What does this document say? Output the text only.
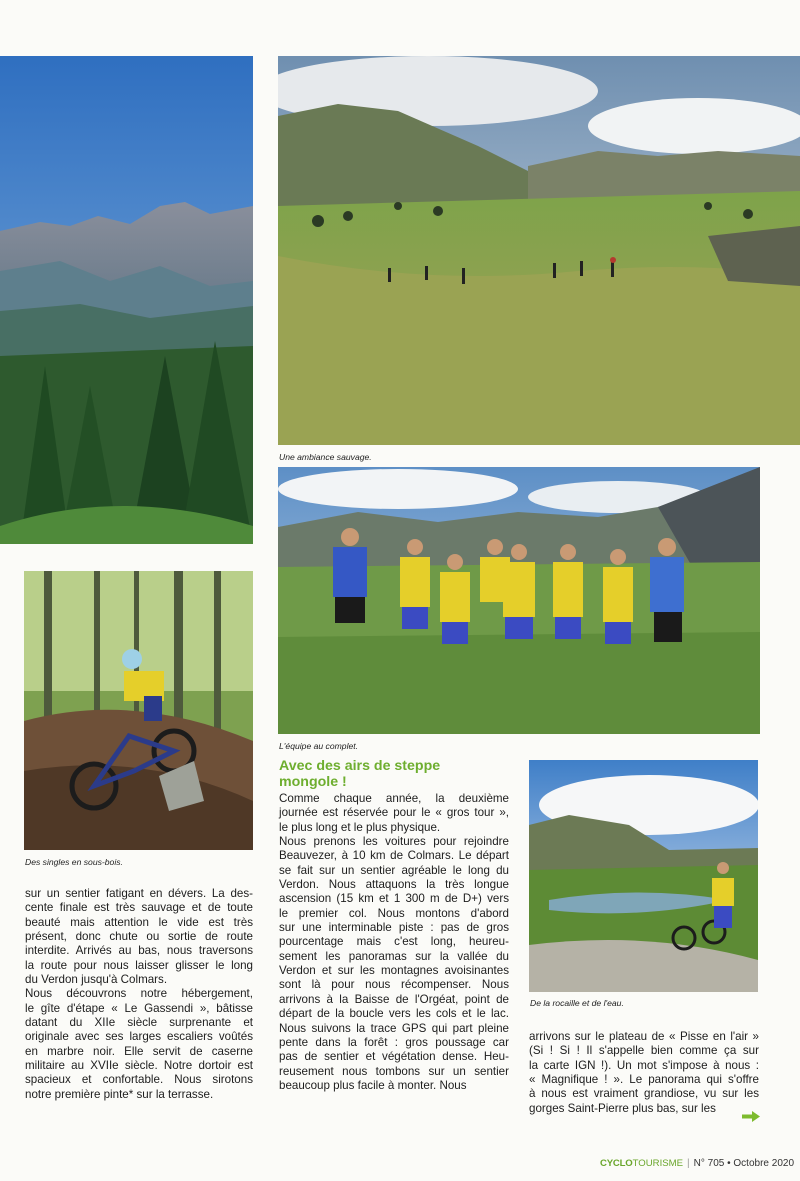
Une ambiance sauvage.
L'équipe au complet.
Des singles en sous-bois.
De la rocaille et de l'eau.
Avec des airs de steppe
mongole !
sur un sentier fatigant en dévers. La des-
cente finale est très sauvage et de toute
beauté mais attention le vide est très
présent, donc chute ou sortie de route
interdite. Arrivés au bas, nous traversons
la route pour nous laisser glisser le long
du Verdon jusqu'à Colmars.
Nous découvrons notre hébergement,
le gîte d'étape « Le Gassendi », bâtisse
datant du XIIe siècle surprenante et
originale avec ses larges escaliers voûtés
en marbre noir. Elle servit de caserne
militaire au XVIIe siècle. Notre dortoir est
spacieux et confortable. Nous sirotons
notre première pinte* sur la terrasse.
Comme chaque année, la deuxième
journée est réservée pour le « gros tour »,
le plus long et le plus physique.
Nous prenons les voitures pour rejoindre
Beauvezer, à 10 km de Colmars. Le départ
se fait sur un sentier agréable le long du
Verdon. Nous attaquons la très longue
ascension (15 km et 1 300 m de D+) vers
le premier col. Nous montons d'abord
sur une interminable piste : pas de gros
pourcentage mais c'est long, heureu-
sement les panoramas sur la vallée du
Verdon et sur les montagnes avoisinantes
sont là pour nous récompenser. Nous
arrivons à la Baisse de l'Orgéat, point de
départ de la boucle vers les cols et le lac.
Nous suivons la trace GPS qui part pleine
pente dans la forêt : gros poussage car
pas de sentier et végétation dense. Heu-
reusement nous tombons sur un sentier
beaucoup plus facile à monter. Nous
arrivons sur le plateau de « Pisse en l'air »
(Si ! Si ! Il s'appelle bien comme ça sur
la carte IGN !). Un mot s'impose à nous :
« Magnifique ! ». Le panorama qui s'offre
à nous est vraiment grandiose, vu sur les
gorges Saint-Pierre plus bas, sur les
CYCLOTOURISME | N° 705 • Octobre 2020
